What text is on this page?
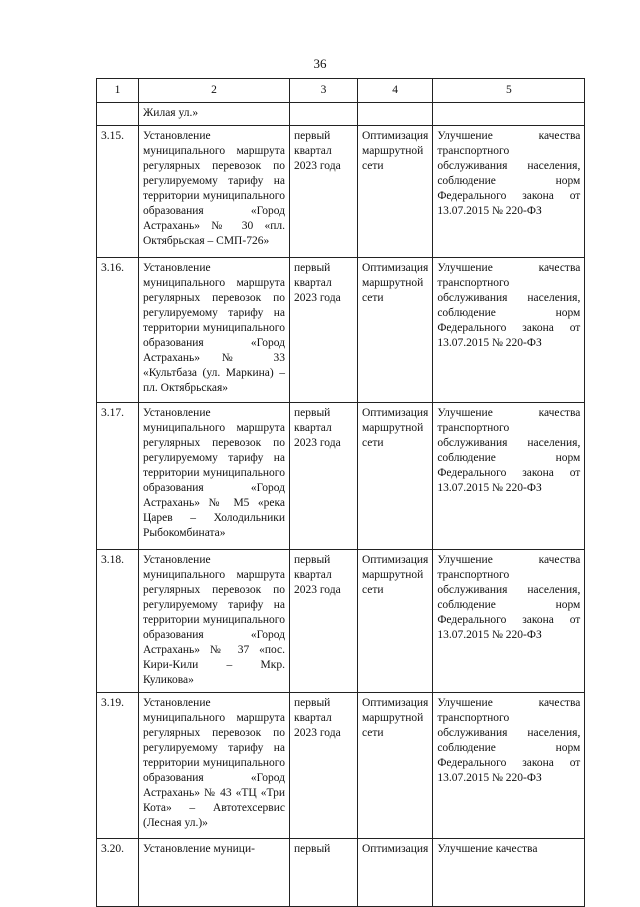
36
1	2	3	4	5
	Жилая ул.»			
3.15.	Установление муниципального маршрута регулярных перевозок по регулируемому тарифу на территории муниципального образования «Город Астрахань» № 30 «пл. Октябрьская – СМП-726»	первый квартал 2023 года	Оптимизация маршрутной сети	Улучшение качества транспортного обслуживания населения, соблюдение норм Федерального закона от 13.07.2015 № 220-ФЗ
3.16.	Установление муниципального маршрута регулярных перевозок по регулируемому тарифу на территории муниципального образования «Город Астрахань» № 33 «Культбаза (ул. Маркина) – пл. Октябрьская»	первый квартал 2023 года	Оптимизация маршрутной сети	Улучшение качества транспортного обслуживания населения, соблюдение норм Федерального закона от 13.07.2015 № 220-ФЗ
3.17.	Установление муниципального маршрута регулярных перевозок по регулируемому тарифу на территории муниципального образования «Город Астрахань» № М5 «река Царев – Холодильники Рыбокомбината»	первый квартал 2023 года	Оптимизация маршрутной сети	Улучшение качества транспортного обслуживания населения, соблюдение норм Федерального закона от 13.07.2015 № 220-ФЗ
3.18.	Установление муниципального маршрута регулярных перевозок по регулируемому тарифу на территории муниципального образования «Город Астрахань» № 37 «пос. Кири-Кили – Мкр. Куликова»	первый квартал 2023 года	Оптимизация маршрутной сети	Улучшение качества транспортного обслуживания населения, соблюдение норм Федерального закона от 13.07.2015 № 220-ФЗ
3.19.	Установление муниципального маршрута регулярных перевозок по регулируемому тарифу на территории муниципального образования «Город Астрахань» № 43 «ТЦ «Три Кота» – Автотехсервис (Лесная ул.)»	первый квартал 2023 года	Оптимизация маршрутной сети	Улучшение качества транспортного обслуживания населения, соблюдение норм Федерального закона от 13.07.2015 № 220-ФЗ
3.20.	Установление муници-	первый	Оптимизация	Улучшение качества
